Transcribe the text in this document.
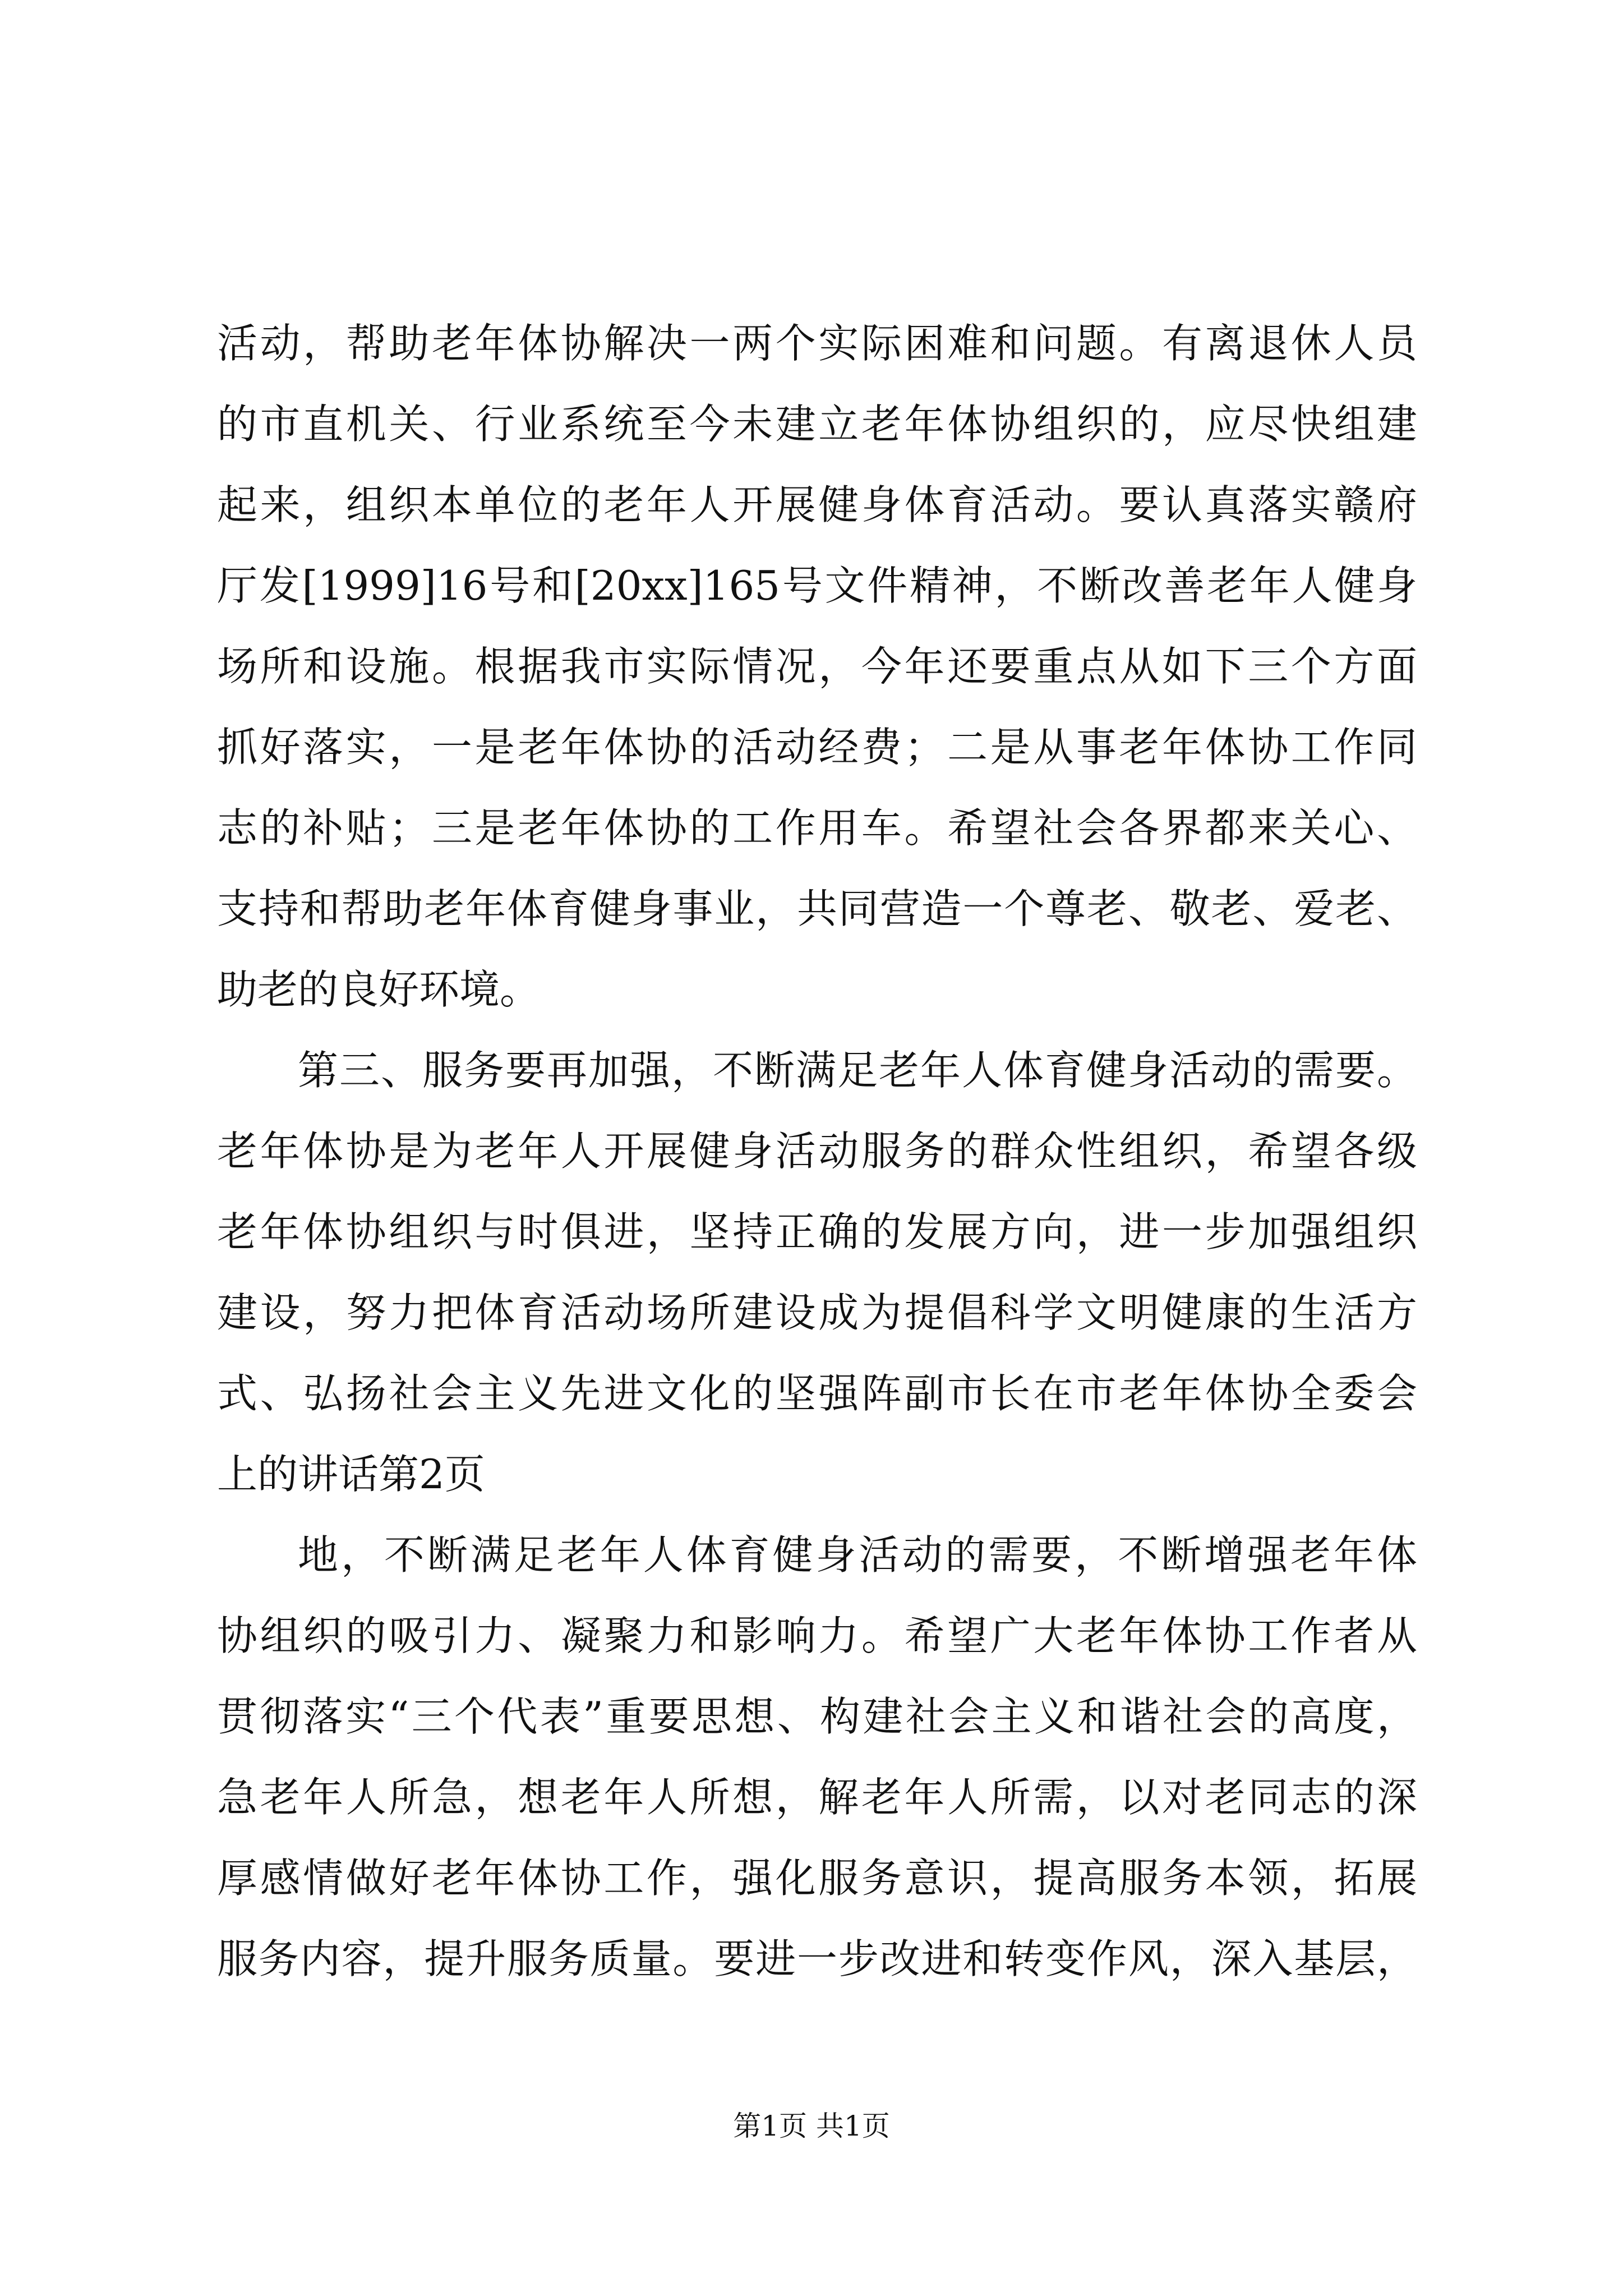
活动，帮助老年体协解决一两个实际困难和问题。有离退休人员
的市直机关、行业系统至今未建立老年体协组织的，应尽快组建
起来，组织本单位的老年人开展健身体育活动。要认真落实赣府
厅发[1999]16号和[20xx]165号文件精神，不断改善老年人健身
场所和设施。根据我市实际情况，今年还要重点从如下三个方面
抓好落实，一是老年体协的活动经费；二是从事老年体协工作同
志的补贴；三是老年体协的工作用车。希望社会各界都来关心、
支持和帮助老年体育健身事业，共同营造一个尊老、敬老、爱老、
助老的良好环境。
第三、服务要再加强，不断满足老年人体育健身活动的需要。
老年体协是为老年人开展健身活动服务的群众性组织，希望各级
老年体协组织与时俱进，坚持正确的发展方向，进一步加强组织
建设，努力把体育活动场所建设成为提倡科学文明健康的生活方
式、弘扬社会主义先进文化的坚强阵副市长在市老年体协全委会
上的讲话第2页
地，不断满足老年人体育健身活动的需要，不断增强老年体
协组织的吸引力、凝聚力和影响力。希望广大老年体协工作者从
贯彻落实“三个代表”重要思想、构建社会主义和谐社会的高度，
急老年人所急，想老年人所想，解老年人所需，以对老同志的深
厚感情做好老年体协工作，强化服务意识，提高服务本领，拓展
服务内容，提升服务质量。要进一步改进和转变作风，深入基层，
第1页 共1页
